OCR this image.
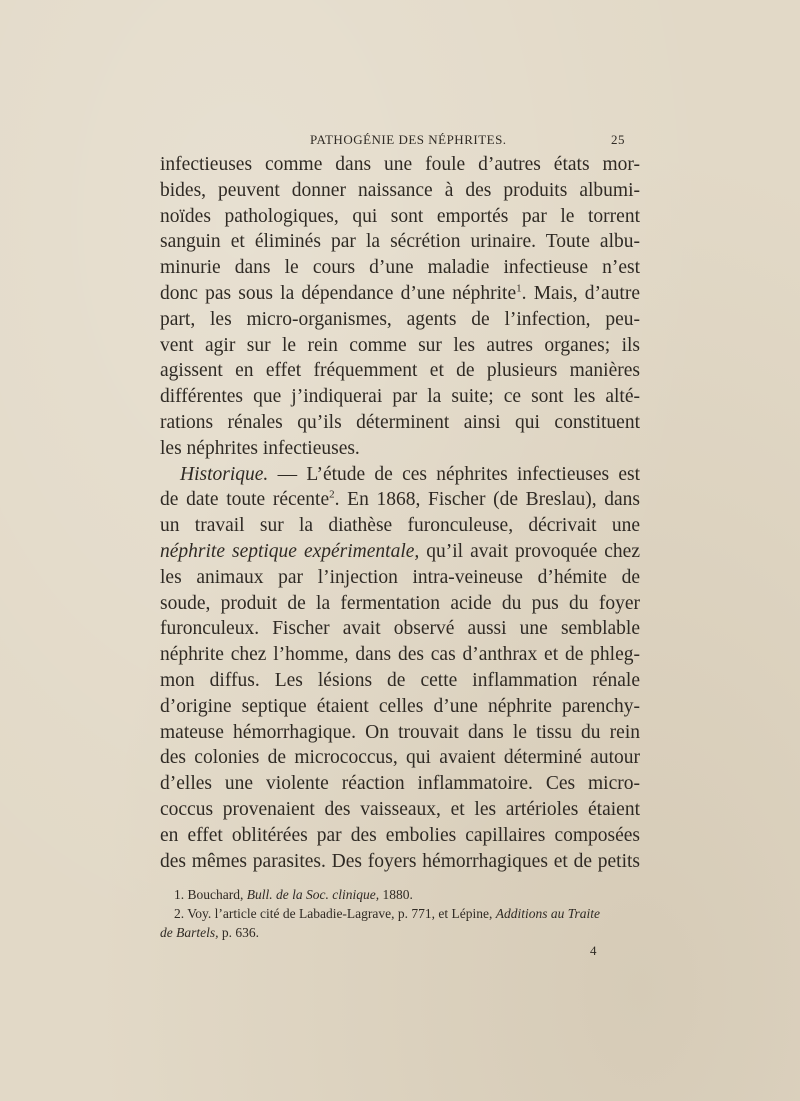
PATHOGÉNIE DES NÉPHRITES.	25
infectieuses comme dans une foule d’autres états mor-
bides, peuvent donner naissance à des produits albumi-
noïdes pathologiques, qui sont emportés par le torrent
sanguin et éliminés par la sécrétion urinaire. Toute albu-
minurie dans le cours d’une maladie infectieuse n’est
donc pas sous la dépendance d’une néphrite$^1$. Mais, d’autre
part, les micro-organismes, agents de l’infection, peu-
vent agir sur le rein comme sur les autres organes; ils
agissent en effet fréquemment et de plusieurs manières
différentes que j’indiquerai par la suite; ce sont les alté-
rations rénales qu’ils déterminent ainsi qui constituent
les néphrites infectieuses.
Historique. — L’étude de ces néphrites infectieuses est
de date toute récente$^2$. En 1868, Fischer (de Breslau), dans
un travail sur la diathèse furonculeuse, décrivait une
néphrite septique expérimentale, qu’il avait provoquée chez
les animaux par l’injection intra-veineuse d’hémite de
soude, produit de la fermentation acide du pus du foyer
furonculeux. Fischer avait observé aussi une semblable
néphrite chez l’homme, dans des cas d’anthrax et de phleg-
mon diffus. Les lésions de cette inflammation rénale
d’origine septique étaient celles d’une néphrite parenchy-
mateuse hémorrhagique. On trouvait dans le tissu du rein
des colonies de micrococcus, qui avaient déterminé autour
d’elles une violente réaction inflammatoire. Ces micro-
coccus provenaient des vaisseaux, et les artérioles étaient
en effet oblitérées par des embolies capillaires composées
des mêmes parasites. Des foyers hémorrhagiques et de petits
1. Bouchard, Bull. de la Soc. clinique, 1880.
2. Voy. l’article cité de Labadie-Lagrave, p. 771, et Lépine, Additions au Traite
de Bartels, p. 636.
4
